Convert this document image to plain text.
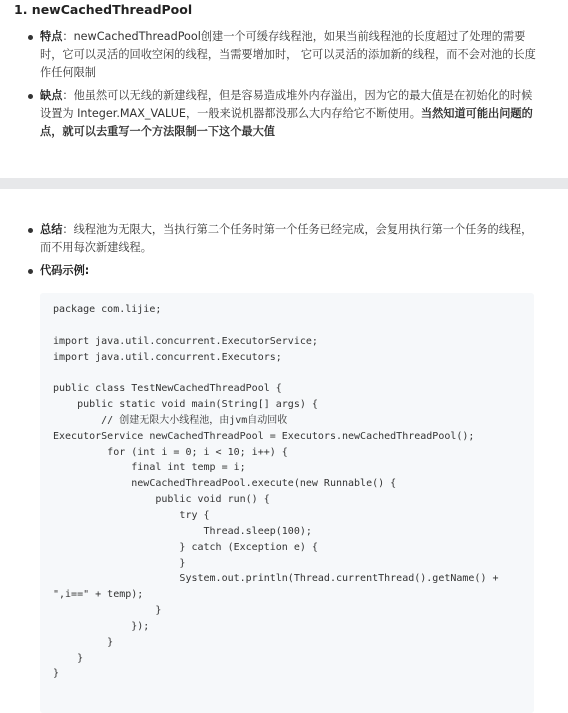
1. newCachedThreadPool
特点：newCachedThreadPool创建一个可缓存线程池，如果当前线程池的长度超过了处理的需要时，它可以灵活的回收空闲的线程，当需要增加时， 它可以灵活的添加新的线程，而不会对池的长度作任何限制
缺点：他虽然可以无线的新建线程，但是容易造成堆外内存溢出，因为它的最大值是在初始化的时候设置为 Integer.MAX_VALUE，一般来说机器都没那么大内存给它不断使用。当然知道可能出问题的点，就可以去重写一个方法限制一下这个最大值
总结：线程池为无限大，当执行第二个任务时第一个任务已经完成，会复用执行第一个任务的线程，而不用每次新建线程。
代码示例:
package com.lijie;

import java.util.concurrent.ExecutorService;
import java.util.concurrent.Executors;

public class TestNewCachedThreadPool {
public static void main(String[] args) {
// 创建无限大小线程池，由jvm自动回收
ExecutorService newCachedThreadPool = Executors.newCachedThreadPool();
for (int i = 0; i < 10; i++) {
final int temp = i;
newCachedThreadPool.execute(new Runnable() {
public void run() {
try {
Thread.sleep(100);
} catch (Exception e) {
}
System.out.println(Thread.currentThread().getName() +
",i==" + temp);
}
});
}
}
}
